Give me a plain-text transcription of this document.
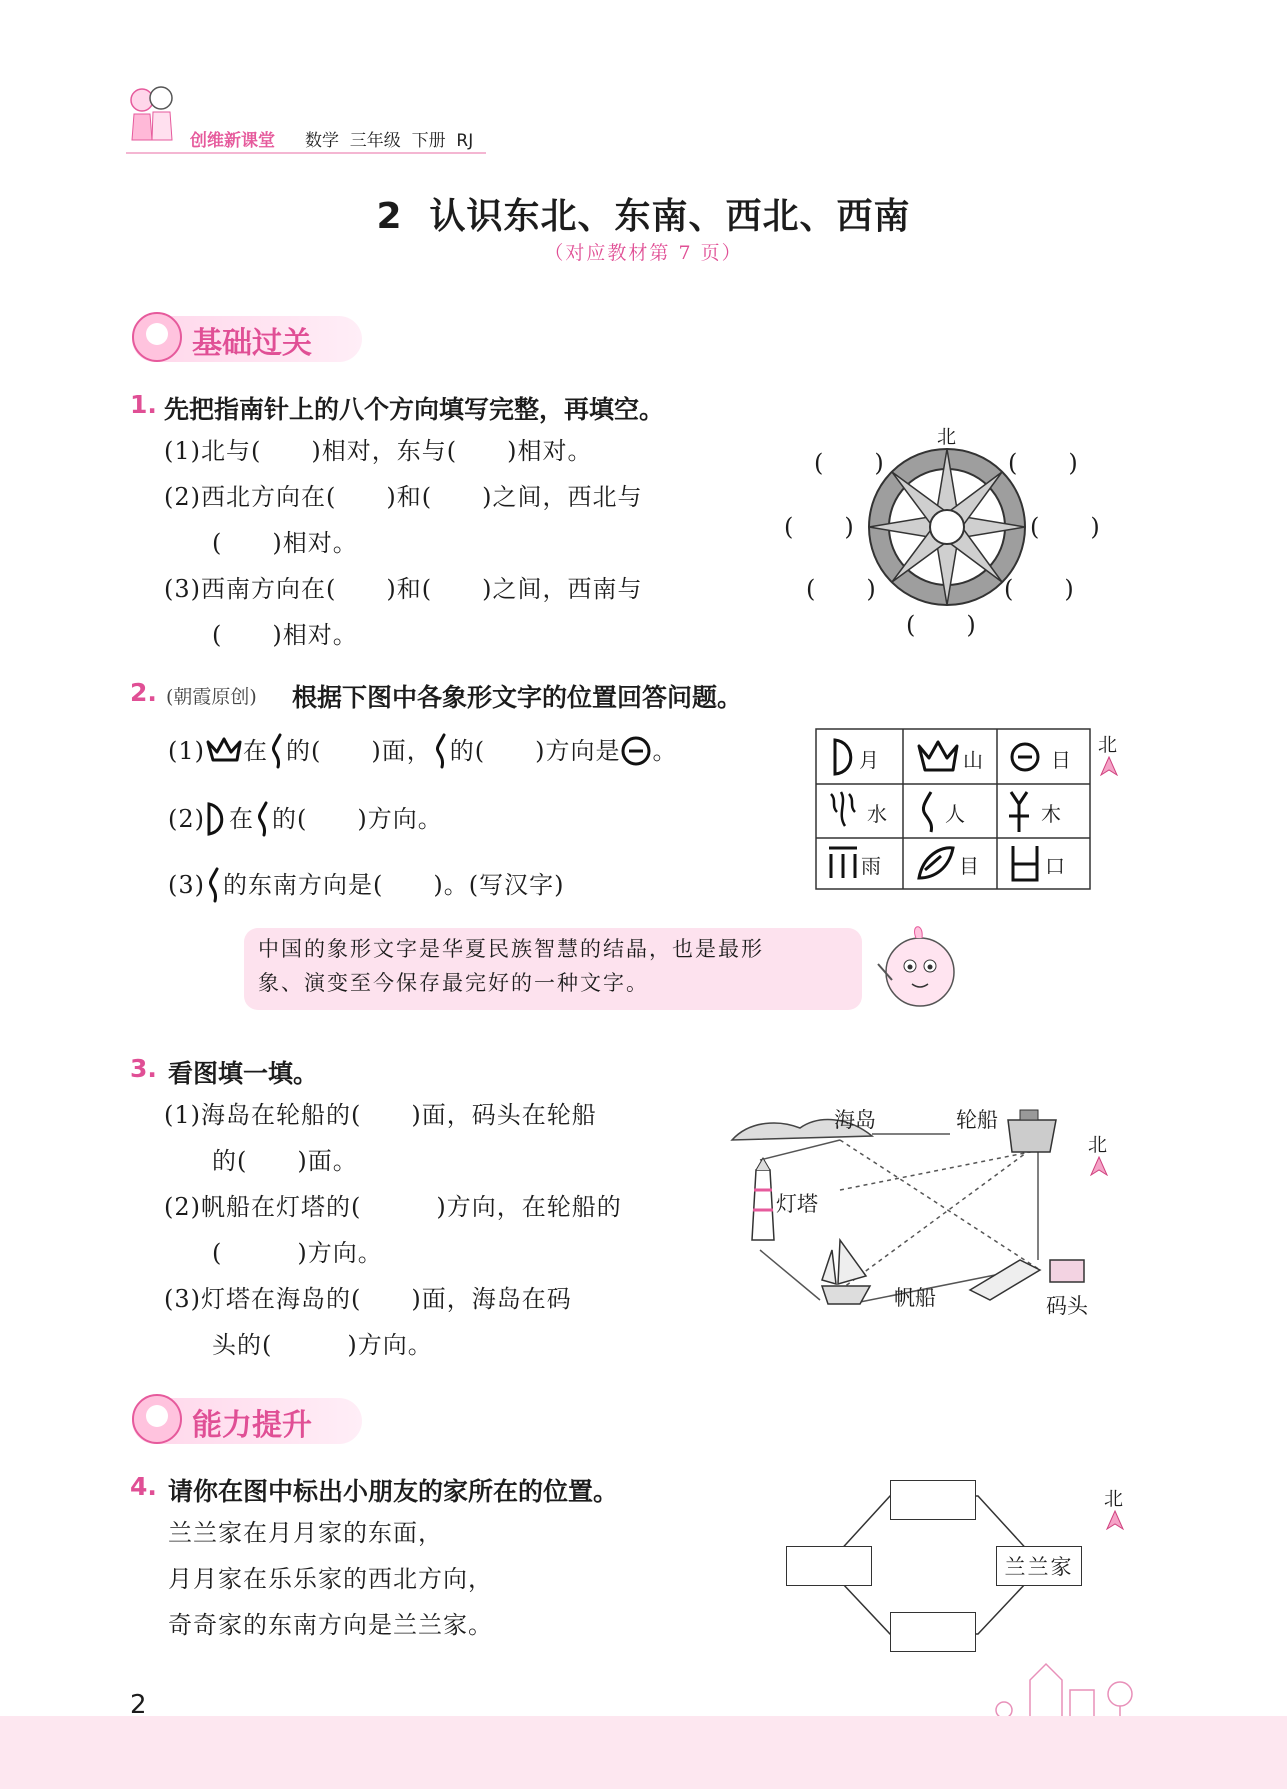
创维新课堂 数学  三年级  下册  RJ
2  认识东北、东南、西北、西南
（对应教材第 7 页）
基础过关
1. 先把指南针上的八个方向填写完整，再填空。
(1)北与(　　)相对，东与(　　)相对。
(2)西北方向在(　　)和(　　)之间，西北与
(　　)相对。
(3)西南方向在(　　)和(　　)之间，西南与
(　　)相对。
北
(　　)	(　　)
(　　)	(　　)
(　　)	(　　)
(　　)
2. (朝霞原创) 根据下图中各象形文字的位置回答问题。
(1) 在 的(　　)面， 的(　　)方向是 。
(2) 在 的(　　)方向。
(3) 的东南方向是(　　)。(写汉字)
月	山	日
水	人	木
雨	目	口
北
中国的象形文字是华夏民族智慧的结晶，也是最形
象、演变至今保存最完好的一种文字。
3. 看图填一填。
(1)海岛在轮船的(　　)面，码头在轮船
的(　　)面。
(2)帆船在灯塔的(　　　)方向，在轮船的
(　　　)方向。
(3)灯塔在海岛的(　　)面，海岛在码
头的(　　　)方向。
海岛	轮船
灯塔
帆船	码头
北
能力提升
4. 请你在图中标出小朋友的家所在的位置。
兰兰家在月月家的东面，
月月家在乐乐家的西北方向，
奇奇家的东南方向是兰兰家。
兰兰家
北
2
